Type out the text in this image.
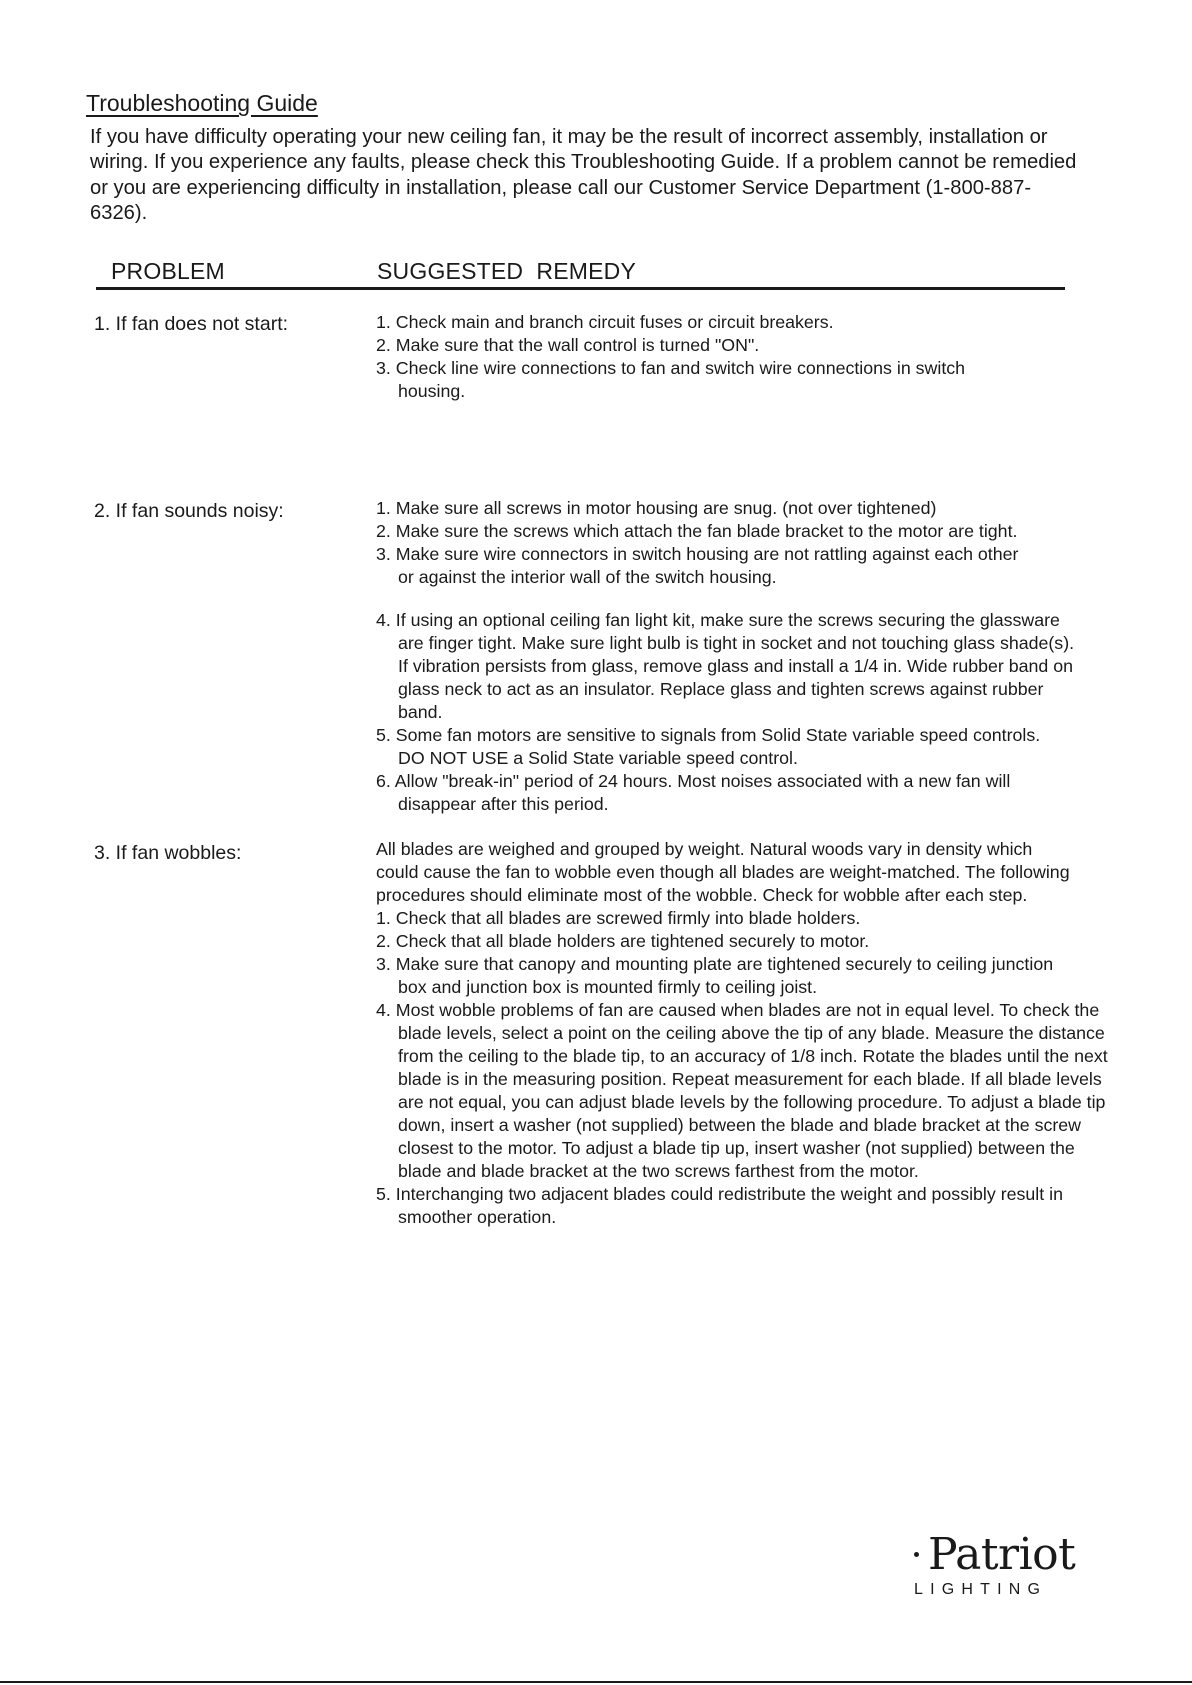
Troubleshooting Guide
If you have difficulty operating your new ceiling fan, it may be the result of incorrect assembly, installation or wiring. If you experience any faults, please check this Troubleshooting Guide. If a problem cannot be remedied or you are experiencing difficulty in installation, please call our Customer Service Department (1-800-887-6326).
PROBLEM	SUGGESTED  REMEDY
1. If fan does not start:	1. Check main and branch circuit fuses or circuit breakers.

2. Make sure that the wall control is turned "ON".

3. Check line wire connections to fan and switch wire connections in switch housing.

2. If fan sounds noisy:	1. Make sure all screws in motor housing are snug. (not over tightened)

2. Make sure the screws which attach the fan blade bracket to the motor are tight.

3. Make sure wire connectors in switch housing are not rattling against each other or against the interior wall of the switch housing.

4. If using an optional ceiling fan light kit, make sure the screws securing the glassware are finger tight. Make sure light bulb is tight in socket and not touching glass shade(s). If vibration persists from glass, remove glass and install a 1/4 in. Wide rubber band on glass neck to act as an insulator. Replace glass and tighten screws against rubber band.

5. Some fan motors are sensitive to signals from Solid State variable speed controls. DO NOT USE a Solid State variable speed control.

6. Allow "break-in" period of 24 hours. Most noises associated with a new fan will disappear after this period.

3. If fan wobbles:	All blades are weighed and grouped by weight. Natural woods vary in density which could cause the fan to wobble even though all blades are weight-matched. The following procedures should eliminate most of the wobble. Check for wobble after each step.

1. Check that all blades are screwed firmly into blade holders.

2. Check that all blade holders are tightened securely to motor.

3. Make sure that canopy and mounting plate are tightened securely to ceiling junction box and junction box is mounted firmly to ceiling joist.

4. Most wobble problems of fan are caused when blades are not in equal level. To check the blade levels, select a point on the ceiling above the tip of any blade. Measure the distance from the ceiling to the blade tip, to an accuracy of 1/8 inch. Rotate the blades until the next blade is in the measuring position. Repeat measurement for each blade. If all blade levels are not equal, you can adjust blade levels by the following procedure. To adjust a blade tip down, insert a washer (not supplied) between the blade and blade bracket at the screw closest to the motor. To adjust a blade tip up, insert washer (not supplied) between the blade and blade bracket at the two screws farthest from the motor.

5. Interchanging two adjacent blades could redistribute the weight and possibly result in smoother operation.

Patriot
LIGHTING
